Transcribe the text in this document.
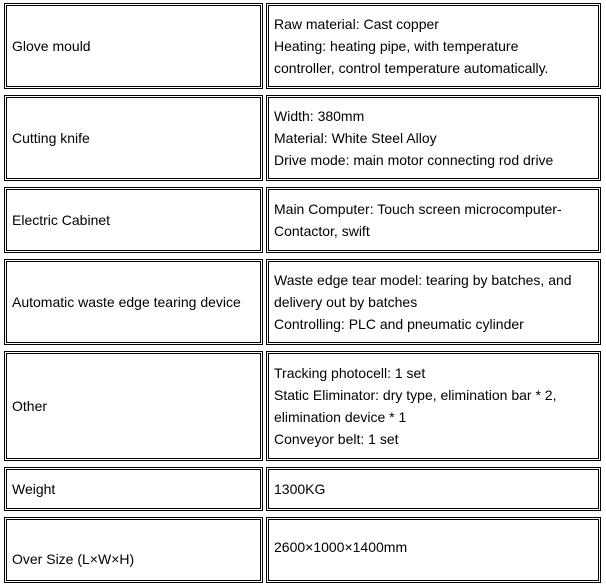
Glove mould
Raw material: Cast copper
Heating: heating pipe, with temperature
controller, control temperature automatically.
Cutting knife
Width: 380mm
Material: White Steel Alloy
Drive mode: main motor connecting rod drive
Electric Cabinet
Main Computer: Touch screen microcomputer-
Contactor, swift
Automatic waste edge tearing device
Waste edge tear model: tearing by batches, and
delivery out by batches
Controlling: PLC and pneumatic cylinder
Other
Tracking photocell: 1 set
Static Eliminator: dry type, elimination bar * 2,
elimination device * 1
Conveyor belt: 1 set
Weight	1300KG
Over Size (L×W×H)
2600×1000×1400mm
